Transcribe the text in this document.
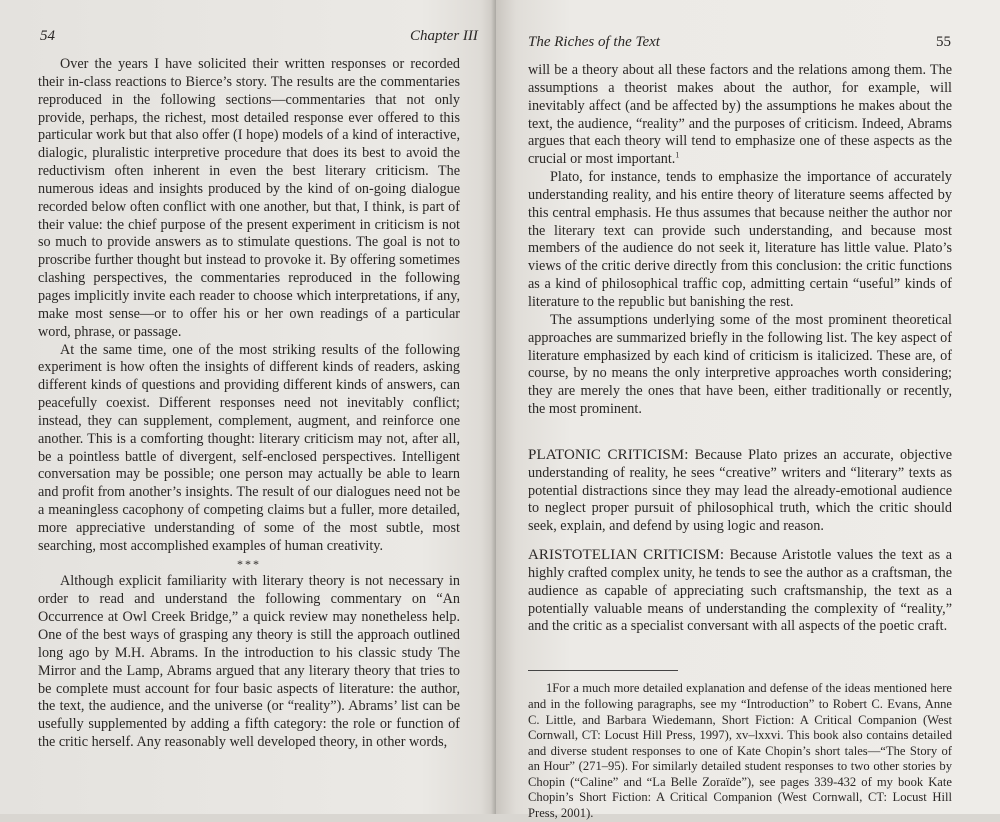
54	Chapter III

Over the years I have solicited their written responses or recorded their in-class reactions to Bierce’s story. The results are the commentaries reproduced in the following sections—commentaries that not only provide, perhaps, the richest, most detailed response ever offered to this particular work but that also offer (I hope) models of a kind of interactive, dialogic, pluralistic interpretive procedure that does its best to avoid the reductivism often inherent in even the best literary criticism. The numerous ideas and insights produced by the kind of on-going dialogue recorded below often conflict with one another, but that, I think, is part of their value: the chief purpose of the present experiment in criticism is not so much to provide answers as to stimulate questions. The goal is not to proscribe further thought but instead to provoke it. By offering sometimes clashing perspectives, the commentaries reproduced in the following pages implicitly invite each reader to choose which interpretations, if any, make most sense—or to offer his or her own readings of a particular word, phrase, or passage.

At the same time, one of the most striking results of the following experiment is how often the insights of different kinds of readers, asking different kinds of questions and providing different kinds of answers, can peacefully coexist. Different responses need not inevitably conflict; instead, they can supplement, complement, augment, and reinforce one another. This is a comforting thought: literary criticism may not, after all, be a pointless battle of divergent, self-enclosed perspectives. Intelligent conversation may be possible; one person may actually be able to learn and profit from another’s insights. The result of our dialogues need not be a meaningless cacophony of competing claims but a fuller, more detailed, more appreciative understanding of some of the most subtle, most searching, most accomplished examples of human creativity.

***

Although explicit familiarity with literary theory is not necessary in order to read and understand the following commentary on “An Occurrence at Owl Creek Bridge,” a quick review may nonetheless help. One of the best ways of grasping any theory is still the approach outlined long ago by M.H. Abrams. In the introduction to his classic study The Mirror and the Lamp, Abrams argued that any literary theory that tries to be complete must account for four basic aspects of literature: the author, the text, the audience, and the universe (or “reality”). Abrams’ list can be usefully supplemented by adding a fifth category: the role or function of the critic herself. Any reasonably well developed theory, in other words,

The Riches of the Text	55

will be a theory about all these factors and the relations among them. The assumptions a theorist makes about the author, for example, will inevitably affect (and be affected by) the assumptions he makes about the text, the audience, “reality” and the purposes of criticism. Indeed, Abrams argues that each theory will tend to emphasize one of these aspects as the crucial or most important.$^1$

Plato, for instance, tends to emphasize the importance of accurately understanding reality, and his entire theory of literature seems affected by this central emphasis. He thus assumes that because neither the author nor the literary text can provide such understanding, and because most members of the audience do not seek it, literature has little value. Plato’s views of the critic derive directly from this conclusion: the critic functions as a kind of philosophical traffic cop, admitting certain “useful” kinds of literature to the republic but banishing the rest.

The assumptions underlying some of the most prominent theoretical approaches are summarized briefly in the following list. The key aspect of literature emphasized by each kind of criticism is italicized. These are, of course, by no means the only interpretive approaches worth considering; they are merely the ones that have been, either traditionally or recently, the most prominent.

PLATONIC CRITICISM: Because Plato prizes an accurate, objective understanding of reality, he sees “creative” writers and “literary” texts as potential distractions since they may lead the already-emotional audience to neglect proper pursuit of philosophical truth, which the critic should seek, explain, and defend by using logic and reason.

ARISTOTELIAN CRITICISM: Because Aristotle values the text as a highly crafted complex unity, he tends to see the author as a craftsman, the audience as capable of appreciating such craftsmanship, the text as a potentially valuable means of understanding the complexity of “reality,” and the critic as a specialist conversant with all aspects of the poetic craft.

1For a much more detailed explanation and defense of the ideas mentioned here and in the following paragraphs, see my “Introduction” to Robert C. Evans, Anne C. Little, and Barbara Wiedemann, Short Fiction: A Critical Companion (West Cornwall, CT: Locust Hill Press, 1997), xv–lxxvi. This book also contains detailed and diverse student responses to one of Kate Chopin’s short tales—“The Story of an Hour” (271–95). For similarly detailed student responses to two other stories by Chopin (“Caline” and “La Belle Zoraïde”), see pages 339-432 of my book Kate Chopin’s Short Fiction: A Critical Companion (West Cornwall, CT: Locust Hill Press, 2001).
